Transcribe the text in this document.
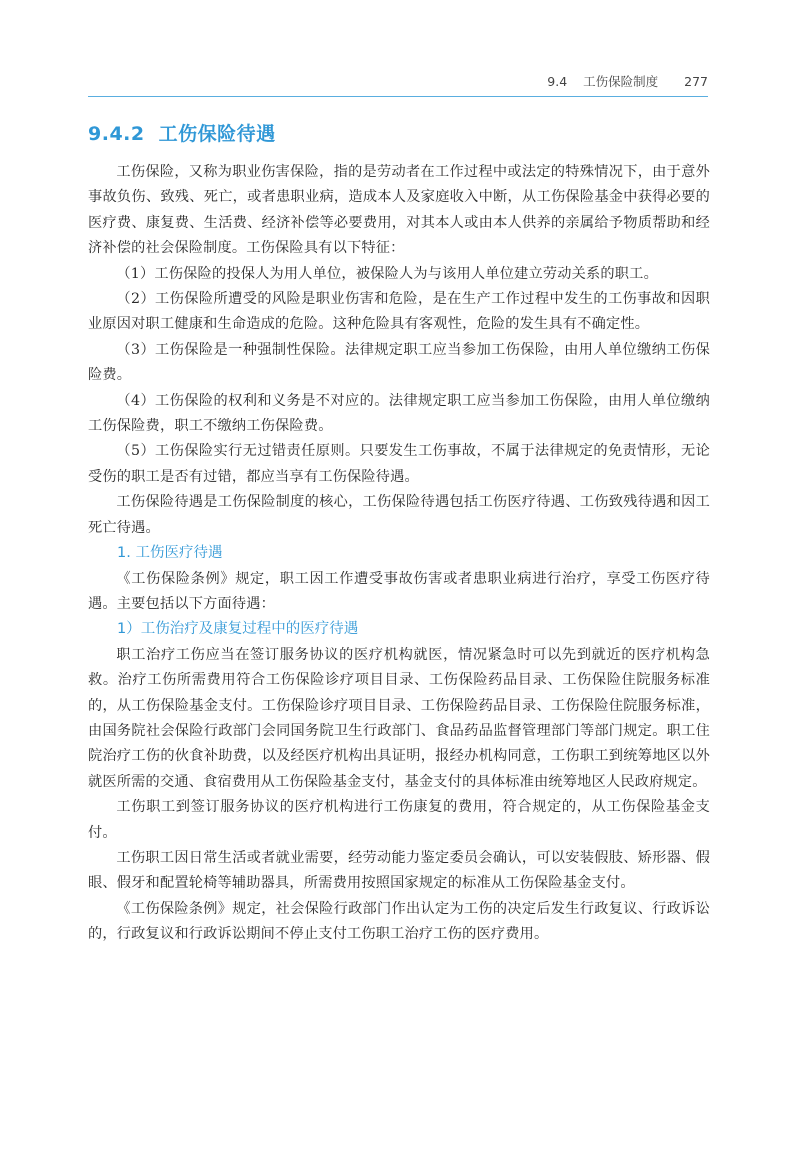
9.4 工伤保险制度 277
9.4.2 工伤保险待遇

工伤保险，又称为职业伤害保险，指的是劳动者在工作过程中或法定的特殊情况下，由于意外事故负伤、致残、死亡，或者患职业病，造成本人及家庭收入中断，从工伤保险基金中获得必要的医疗费、康复费、生活费、经济补偿等必要费用，对其本人或由本人供养的亲属给予物质帮助和经济补偿的社会保险制度。工伤保险具有以下特征：

（1）工伤保险的投保人为用人单位，被保险人为与该用人单位建立劳动关系的职工。

（2）工伤保险所遭受的风险是职业伤害和危险，是在生产工作过程中发生的工伤事故和因职业原因对职工健康和生命造成的危险。这种危险具有客观性，危险的发生具有不确定性。

（3）工伤保险是一种强制性保险。法律规定职工应当参加工伤保险，由用人单位缴纳工伤保险费。

（4）工伤保险的权利和义务是不对应的。法律规定职工应当参加工伤保险，由用人单位缴纳工伤保险费，职工不缴纳工伤保险费。

（5）工伤保险实行无过错责任原则。只要发生工伤事故，不属于法律规定的免责情形，无论受伤的职工是否有过错，都应当享有工伤保险待遇。

工伤保险待遇是工伤保险制度的核心，工伤保险待遇包括工伤医疗待遇、工伤致残待遇和因工死亡待遇。

1. 工伤医疗待遇

《工伤保险条例》规定，职工因工作遭受事故伤害或者患职业病进行治疗，享受工伤医疗待遇。主要包括以下方面待遇：

1）工伤治疗及康复过程中的医疗待遇

职工治疗工伤应当在签订服务协议的医疗机构就医，情况紧急时可以先到就近的医疗机构急救。治疗工伤所需费用符合工伤保险诊疗项目目录、工伤保险药品目录、工伤保险住院服务标准的，从工伤保险基金支付。工伤保险诊疗项目目录、工伤保险药品目录、工伤保险住院服务标准，由国务院社会保险行政部门会同国务院卫生行政部门、食品药品监督管理部门等部门规定。职工住院治疗工伤的伙食补助费，以及经医疗机构出具证明，报经办机构同意，工伤职工到统筹地区以外就医所需的交通、食宿费用从工伤保险基金支付，基金支付的具体标准由统筹地区人民政府规定。

工伤职工到签订服务协议的医疗机构进行工伤康复的费用，符合规定的，从工伤保险基金支付。

工伤职工因日常生活或者就业需要，经劳动能力鉴定委员会确认，可以安装假肢、矫形器、假眼、假牙和配置轮椅等辅助器具，所需费用按照国家规定的标准从工伤保险基金支付。

《工伤保险条例》规定，社会保险行政部门作出认定为工伤的决定后发生行政复议、行政诉讼的，行政复议和行政诉讼期间不停止支付工伤职工治疗工伤的医疗费用。
